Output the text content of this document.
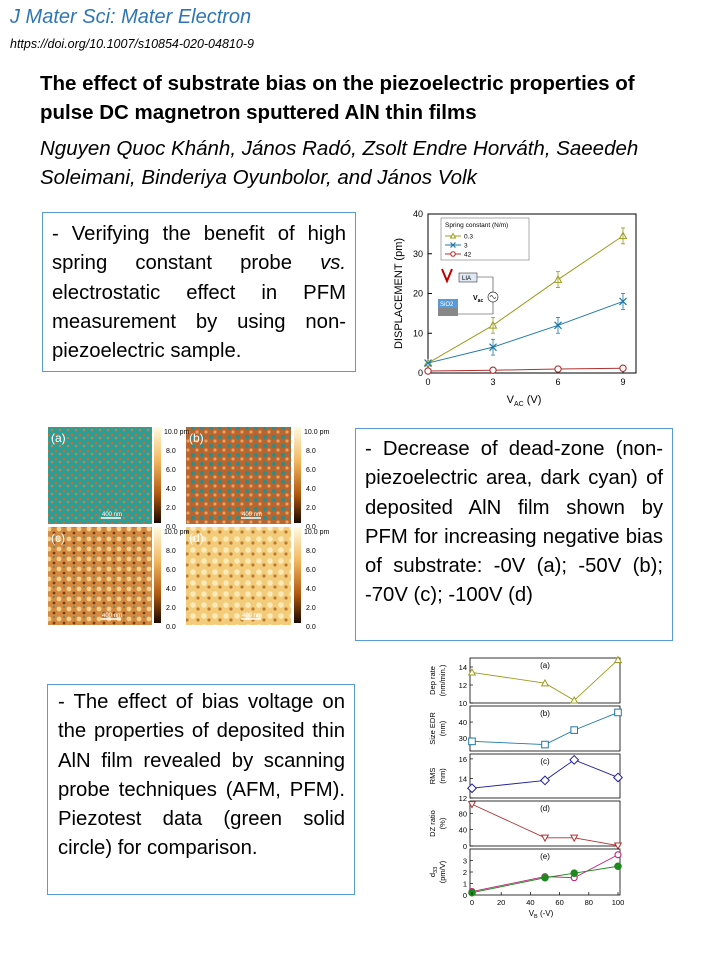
J Mater Sci: Mater Electron
https://doi.org/10.1007/s10854-020-04810-9
The effect of substrate bias on the piezoelectric properties of pulse DC magnetron sputtered AlN thin films
Nguyen Quoc Khánh, János Radó, Zsolt Endre Horváth, Saeedeh Soleimani, Binderiya Oyunbolor, and János Volk
- Verifying the benefit of high spring constant probe vs. electrostatic effect in PFM measurement by using non-piezoelectric sample.
- Decrease of dead-zone (non-piezoelectric area, dark cyan) of deposited AlN film shown by PFM for increasing negative bias of substrate: -0V (a); -50V (b); -70V (c); -100V (d)
- The effect of bias voltage on the properties of deposited thin AlN film revealed by scanning probe techniques (AFM, PFM). Piezotest data (green solid circle) for comparison.
0	3	6	9
0
10
20
30
40
$V_{AC}$ (V)
DISPLACEMENT (pm)
Spring constant (N/m)
0.3
3
42
LIA
SiO2
$V_{ac}$
(a)
400 nm
(b)
400 nm
(c)
400 nm
(d)
400 nm
10.0 pm
8.0
6.0
4.0
2.0
0.0
10.0 pm
8.0
6.0
4.0
2.0
0.0
10.0 pm
8.0
6.0
4.0
2.0
0.0
10.0 pm
8.0
6.0
4.0
2.0
0.0
(a)
10
12
14
Dep rate (nm/min.)
(b)
30
40
Size EDR (nm)
(c)
12
14
16
RMS (nm)
(d)
0
40
80
DZ ratio (%)
(e)
0
1
2
3
$d_{33}$ (pm/V)
0	20	40	60	80	100
$V_B$ (-V)
